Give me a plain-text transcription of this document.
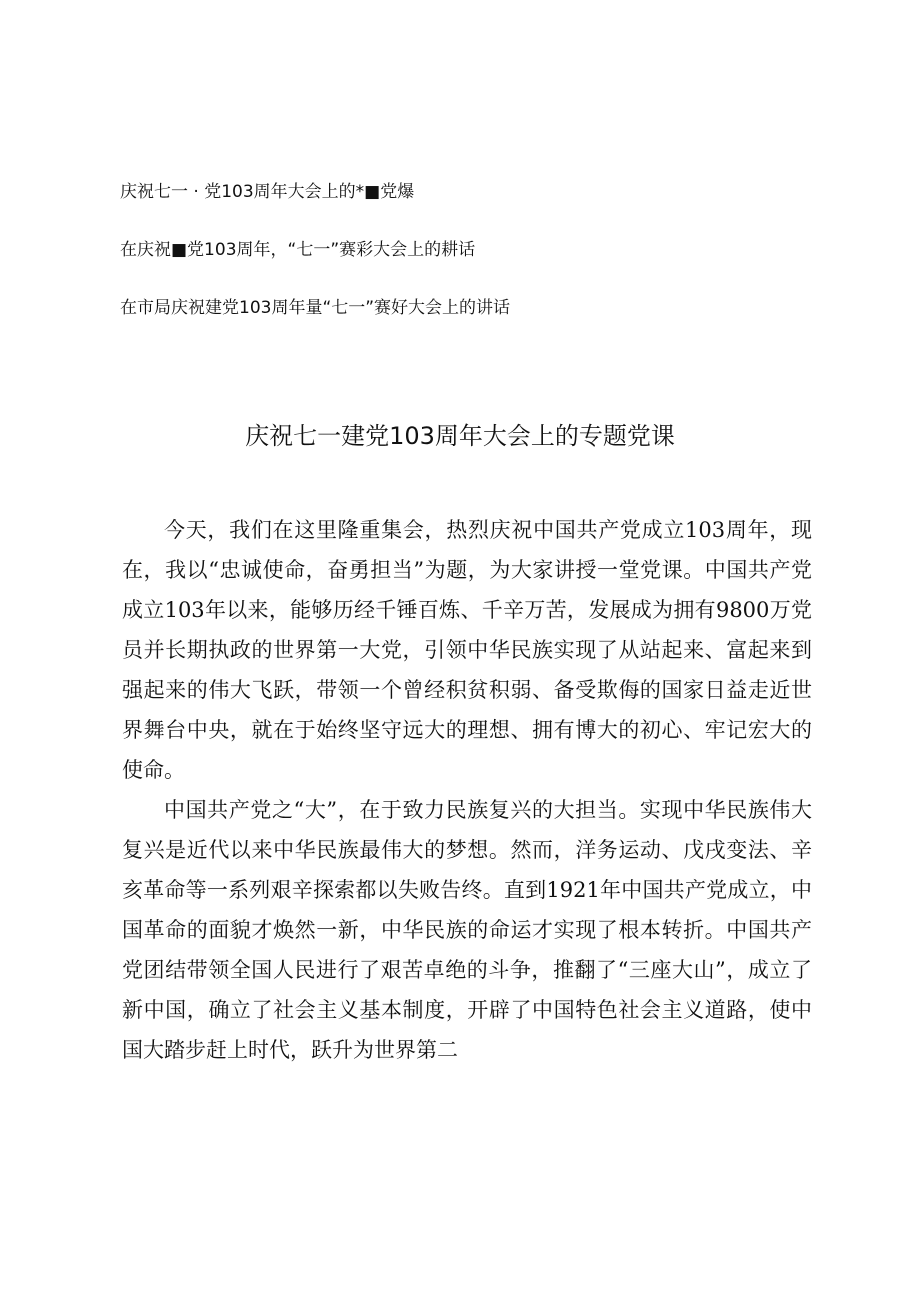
庆祝七一 · 党103周年大会上的*■党爆
在庆祝■党103周年，“七一”赛彩大会上的耕话
在市局庆祝建党103周年量“七一”赛好大会上的讲话
庆祝七一建党103周年大会上的专题党课

今天，我们在这里隆重集会，热烈庆祝中国共产党成立103周年，现在，我以“忠诚使命，奋勇担当”为题，为大家讲授一堂党课。中国共产党成立103年以来，能够历经千锤百炼、千辛万苦，发展成为拥有9800万党员并长期执政的世界第一大党，引领中华民族实现了从站起来、富起来到强起来的伟大飞跃，带领一个曾经积贫积弱、备受欺侮的国家日益走近世界舞台中央，就在于始终坚守远大的理想、拥有博大的初心、牢记宏大的使命。

中国共产党之“大”，在于致力民族复兴的大担当。实现中华民族伟大复兴是近代以来中华民族最伟大的梦想。然而，洋务运动、戊戌变法、辛亥革命等一系列艰辛探索都以失败告终。直到1921年中国共产党成立，中国革命的面貌才焕然一新，中华民族的命运才实现了根本转折。中国共产党团结带领全国人民进行了艰苦卓绝的斗争，推翻了“三座大山”，成立了新中国，确立了社会主义基本制度，开辟了中国特色社会主义道路，使中国大踏步赶上时代，跃升为世界第二
